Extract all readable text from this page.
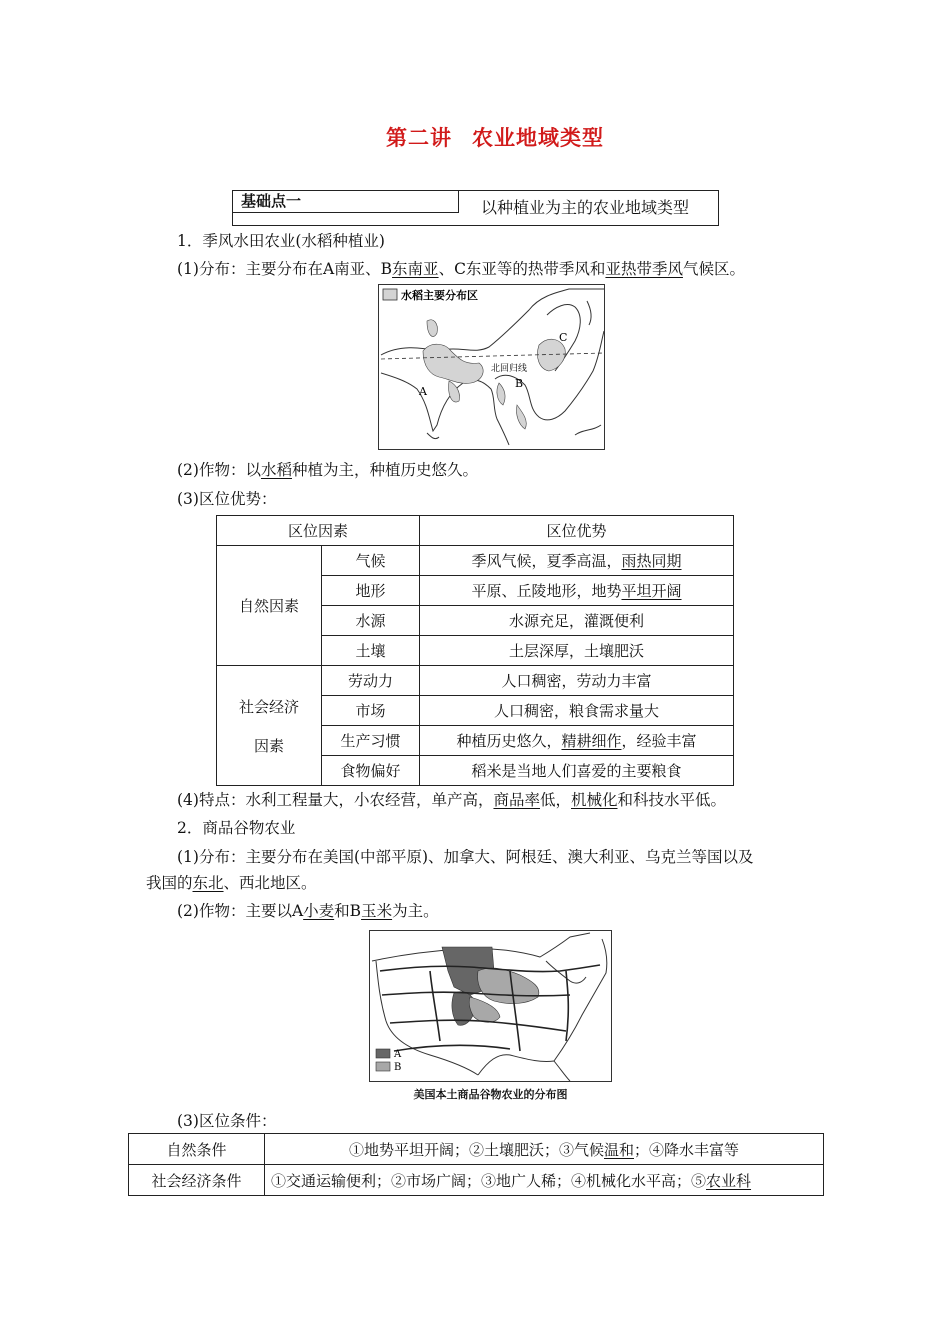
第二讲 农业地域类型
基础点一	以种植业为主的农业地域类型
1．季风水田农业(水稻种植业)
(1)分布：主要分布在A南亚、B东南亚、C东亚等的热带季风和亚热带季风气候区。
水稻主要分布区
北回归线
A
B
C
(2)作物：以水稻种植为主，种植历史悠久。
(3)区位优势：
区位因素		区位优势
自然因素	气候	季风气候，夏季高温，雨热同期
	地形	平原、丘陵地形，地势平坦开阔
	水源	水源充足，灌溉便利
	土壤	土层深厚，土壤肥沃
社会经济

因素	劳动力	人口稠密，劳动力丰富
	市场	人口稠密，粮食需求量大
	生产习惯	种植历史悠久，精耕细作，经验丰富
	食物偏好	稻米是当地人们喜爱的主要粮食
(4)特点：水利工程量大，小农经营，单产高，商品率低，机械化和科技水平低。
2．商品谷物农业
(1)分布：主要分布在美国(中部平原)、加拿大、阿根廷、澳大利亚、乌克兰等国以及
我国的东北、西北地区。
(2)作物：主要以A小麦和B玉米为主。
A
B
美国本土商品谷物农业的分布图
(3)区位条件：
自然条件	①地势平坦开阔；②土壤肥沃；③气候温和；④降水丰富等
社会经济条件	①交通运输便利；②市场广阔；③地广人稀；④机械化水平高；⑤农业科
